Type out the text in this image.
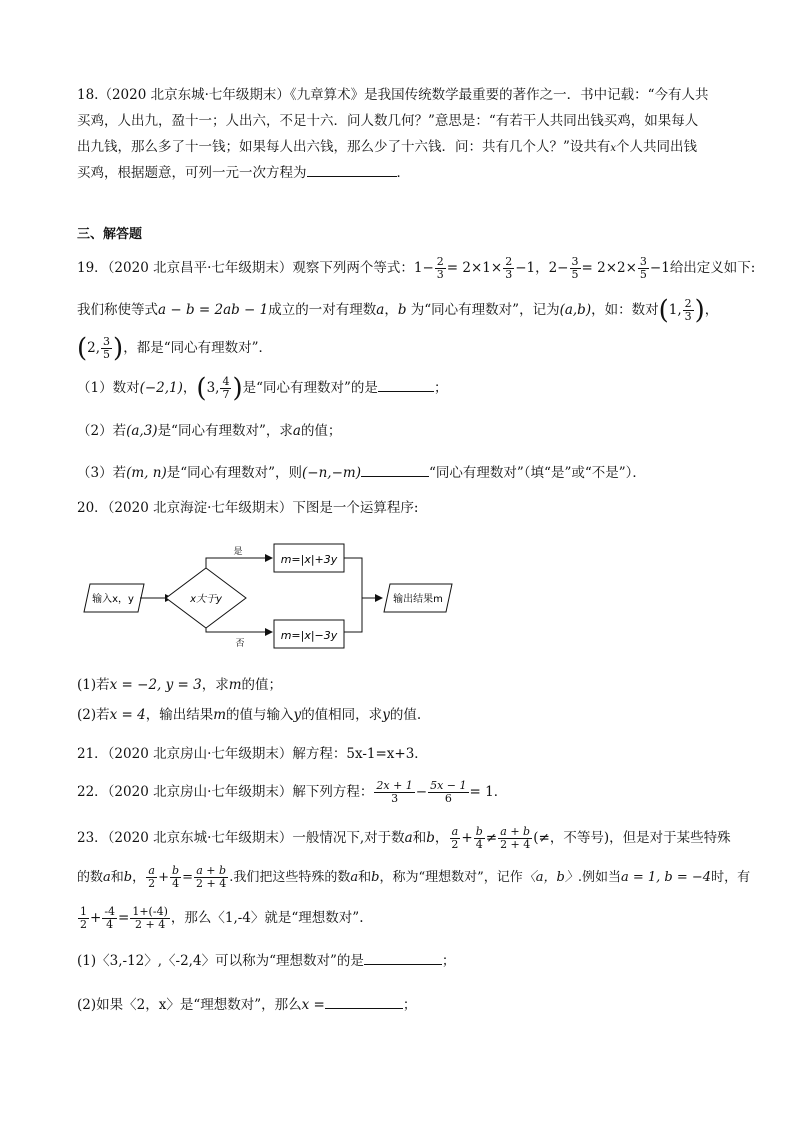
18.（2020 北京东城·七年级期末）《九章算术》是我国传统数学最重要的著作之一．书中记载：“今有人共
买鸡，人出九，盈十一；人出六，不足十六．问人数几何？”意思是：“有若干人共同出钱买鸡，如果每人
出九钱，那么多了十一钱；如果每人出六钱，那么少了十六钱．问：共有几个人？”设共有x个人共同出钱
买鸡，根据题意，可列一元一次方程为	．
三、解答题
19．（2020 北京昌平·七年级期末）观察下列两个等式：$1- \frac{2}{3} = 2\times 1\times \frac{2}{3} -1$，$2- \frac{3}{5} = 2\times 2\times \frac{3}{5} -1$给出定义如下:
我们称使等式a − b = 2ab − 1成立的一对有理数a，b 为“同心有理数对”，记为(a,b)，如：数对(1, $\frac{2}{3}$ )，
(2, $\frac{3}{5}$ )，都是“同心有理数对”．
（1）数对(−2,1)，(3, $\frac{4}{7}$ )是“同心有理数对”的是	；
（2）若(a,3)是“同心有理数对”，求a的值；
（3）若(m, n)是“同心有理数对”，则(−n,−m)	“同心有理数对”（填“是”或“不是”）．
20．（2020 北京海淀·七年级期末）下图是一个运算程序:
输入x，y	x大于y
是
否
m=|x|+3y
m=|x|−3y
输出结果m
(1)若x = −2, y = 3，求m的值；
(2)若x = 4，输出结果m的值与输入y的值相同，求y的值.
21．（2020 北京房山·七年级期末）解方程：5x-1=x+3．
22．（2020 北京房山·七年级期末）解下列方程： $\frac{2x + 1}{3} - \frac{5x - 1}{6} = 1$．
23．（2020 北京东城·七年级期末）一般情况下,对于数a和b， $\frac{a}{2} + \frac{b}{4} \ne \frac{a + b}{2 + 4}$ (≠，不等号)，但是对于某些特殊
的数a和b， $\frac{a}{2} + \frac{b}{4} = \frac{a + b}{2 + 4}$ .我们把这些特殊的数a和b，称为“理想数对”，记作〈a，b〉.例如当a = 1, b = −4时，有
$\frac{1}{2} + \frac{-4}{4} = \frac{1+(-4)}{2 + 4}$ ，那么〈1,-4〉就是“理想数对”.
(1)〈3,-12〉,〈-2,4〉可以称为“理想数对”的是	；
(2)如果〈2，x〉是“理想数对”，那么x =	；
